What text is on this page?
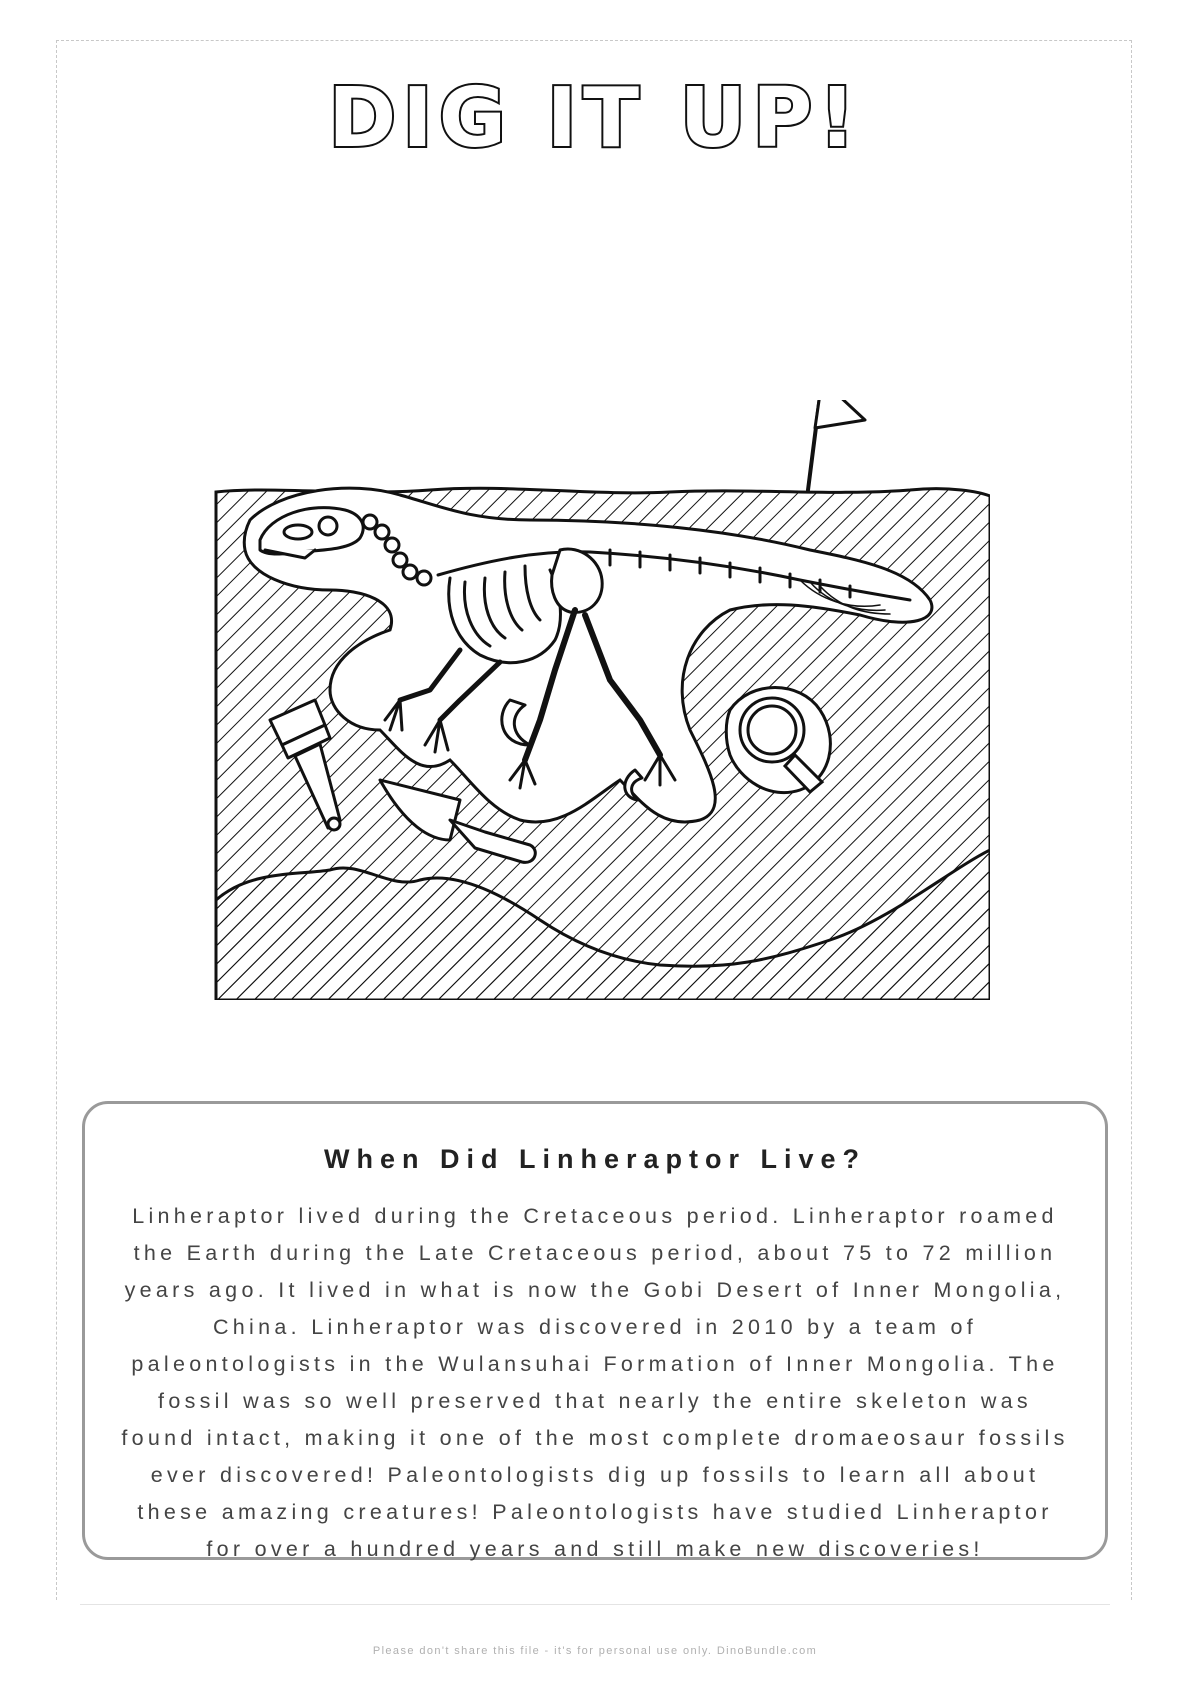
DIG IT UP!
When Did Linheraptor Live?
Linheraptor lived during the Cretaceous period. Linheraptor roamed the Earth during the Late Cretaceous period, about 75 to 72 million years ago. It lived in what is now the Gobi Desert of Inner Mongolia, China. Linheraptor was discovered in 2010 by a team of paleontologists in the Wulansuhai Formation of Inner Mongolia. The fossil was so well preserved that nearly the entire skeleton was found intact, making it one of the most complete dromaeosaur fossils ever discovered! Paleontologists dig up fossils to learn all about these amazing creatures! Paleontologists have studied Linheraptor for over a hundred years and still make new discoveries!
Please don't share this file - it's for personal use only. DinoBundle.com
